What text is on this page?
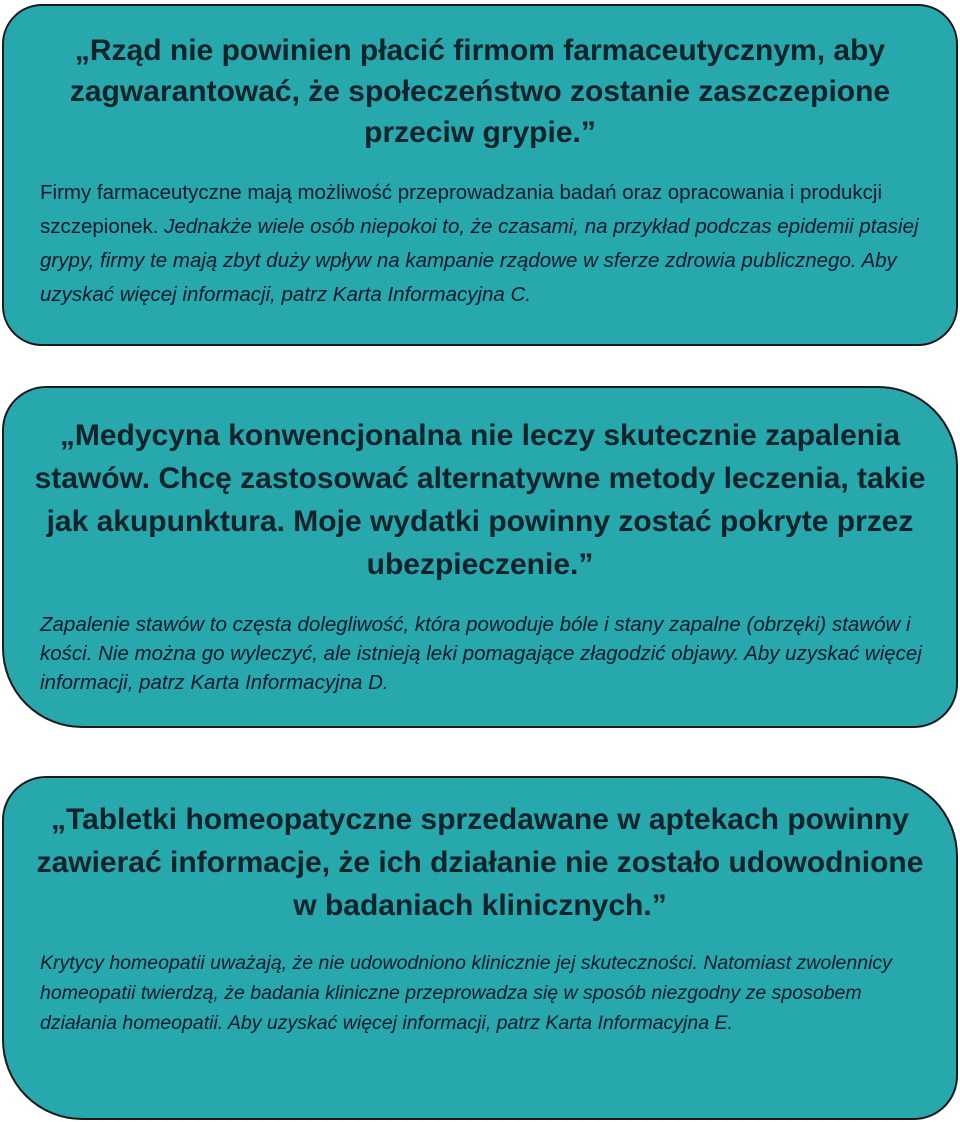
„Rząd nie powinien płacić firmom farmaceutycznym, aby zagwarantować, że społeczeństwo zostanie zaszczepione przeciw grypie.”
Firmy farmaceutyczne mają możliwość przeprowadzania badań oraz opracowania i produkcji szczepionek. Jednakże wiele osób niepokoi to, że czasami, na przykład podczas epidemii ptasiej grypy, firmy te mają zbyt duży wpływ na kampanie rządowe w sferze zdrowia publicznego. Aby uzyskać więcej informacji, patrz Karta Informacyjna C.
„Medycyna konwencjonalna nie leczy skutecznie zapalenia stawów. Chcę zastosować alternatywne metody leczenia, takie jak akupunktura. Moje wydatki powinny zostać pokryte przez ubezpieczenie.”
Zapalenie stawów to częsta dolegliwość, która powoduje bóle i stany zapalne (obrzęki) stawów i kości. Nie można go wyleczyć, ale istnieją leki pomagające złagodzić objawy. Aby uzyskać więcej informacji, patrz Karta Informacyjna D.
„Tabletki homeopatyczne sprzedawane w aptekach powinny zawierać informacje, że ich działanie nie zostało udowodnione w badaniach klinicznych.”
Krytycy homeopatii uważają, że nie udowodniono klinicznie jej skuteczności. Natomiast zwolennicy homeopatii twierdzą, że badania kliniczne przeprowadza się w sposób niezgodny ze sposobem działania homeopatii. Aby uzyskać więcej informacji, patrz Karta Informacyjna E.
